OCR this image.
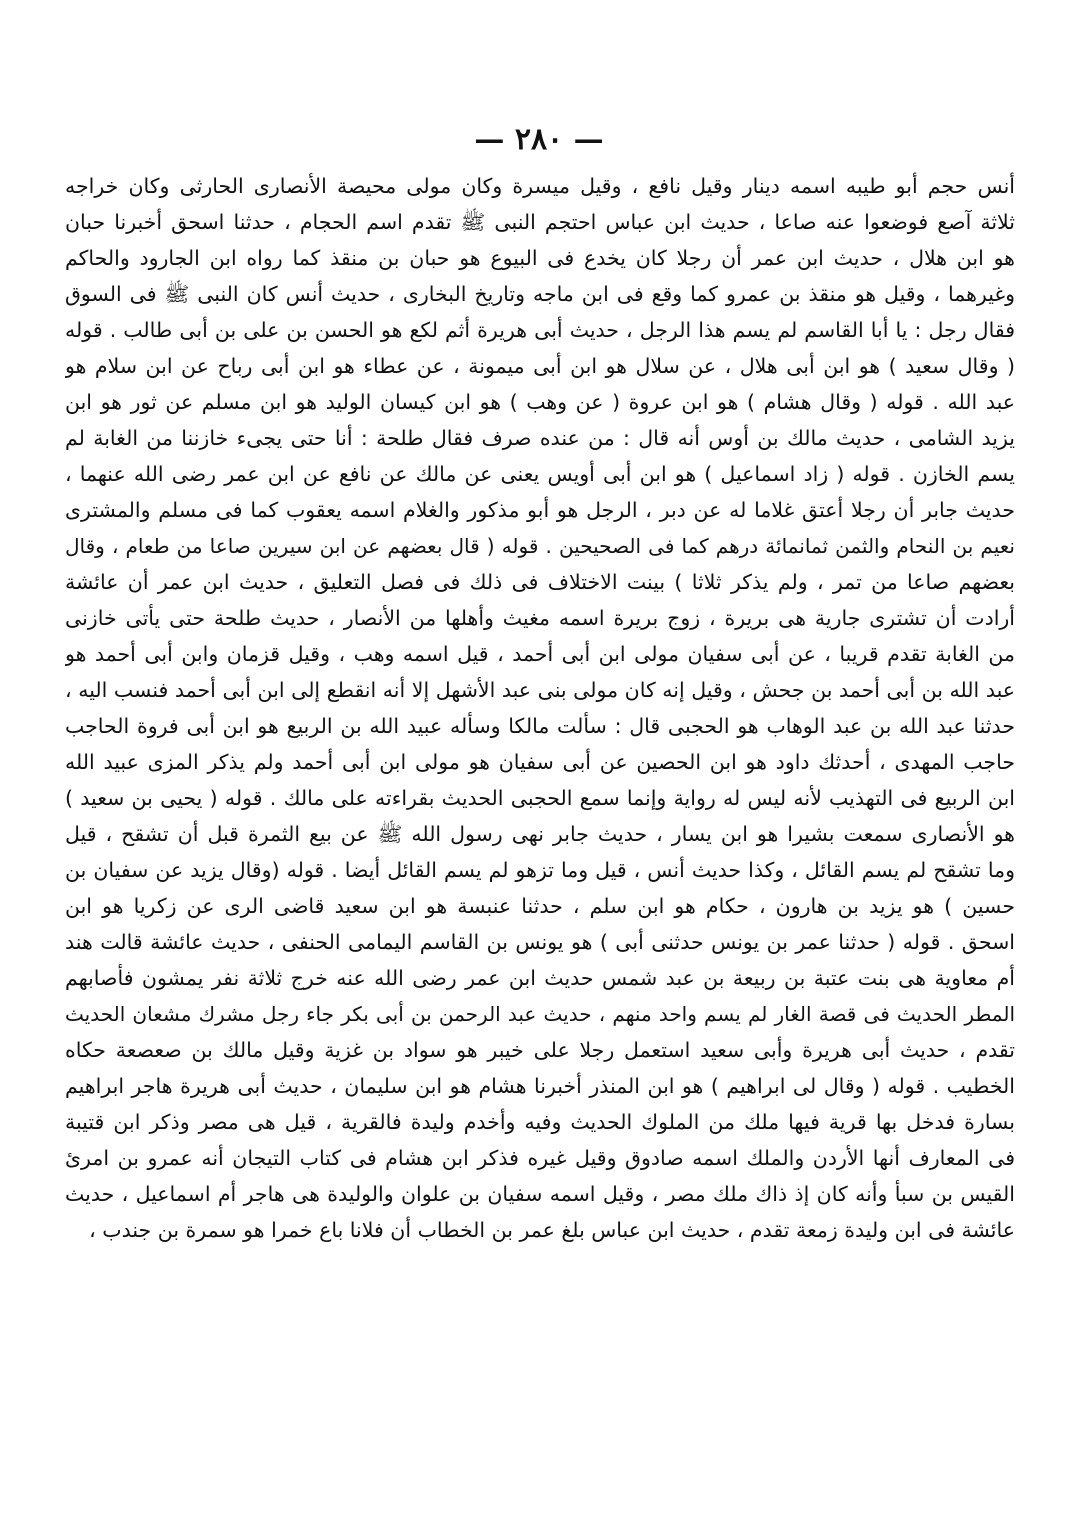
— ٢٨٠ —
أنس حجم أبو طيبه اسمه دينار وقيل نافع ، وقيل ميسرة وكان مولى محيصة الأنصارى الحارثى وكان خراجه
ثلاثة آصع فوضعوا عنه صاعا ، حديث ابن عباس احتجم النبى ﷺ تقدم اسم الحجام ، حدثنا اسحق أخبرنا حبان
هو ابن هلال ، حديث ابن عمر أن رجلا كان يخدع فى البيوع هو حبان بن منقذ كما رواه ابن الجارود والحاكم
وغيرهما ، وقيل هو منقذ بن عمرو كما وقع فى ابن ماجه وتاريخ البخارى ، حديث أنس كان النبى ﷺ فى السوق
فقال رجل : يا أبا القاسم لم يسم هذا الرجل ، حديث أبى هريرة أثم لكع هو الحسن بن على بن أبى طالب . قوله
( وقال سعيد ) هو ابن أبى هلال ، عن سلال هو ابن أبى ميمونة ، عن عطاء هو ابن أبى رباح عن ابن سلام هو
عبد الله . قوله ( وقال هشام ) هو ابن عروة ( عن وهب ) هو ابن كيسان الوليد هو ابن مسلم عن ثور هو ابن
يزيد الشامى ، حديث مالك بن أوس أنه قال : من عنده صرف فقال طلحة : أنا حتى يجىء خازننا من الغابة لم
يسم الخازن . قوله ( زاد اسماعيل ) هو ابن أبى أويس يعنى عن مالك عن نافع عن ابن عمر رضى الله عنهما ،
حديث جابر أن رجلا أعتق غلاما له عن دبر ، الرجل هو أبو مذكور والغلام اسمه يعقوب كما فى مسلم والمشترى
نعيم بن النحام والثمن ثمانمائة درهم كما فى الصحيحين . قوله ( قال بعضهم عن ابن سيرين صاعا من طعام ، وقال
بعضهم صاعا من تمر ، ولم يذكر ثلاثا ) بينت الاختلاف فى ذلك فى فصل التعليق ، حديث ابن عمر أن عائشة
أرادت أن تشترى جارية هى بريرة ، زوج بريرة اسمه مغيث وأهلها من الأنصار ، حديث طلحة حتى يأتى خازنى
من الغابة تقدم قريبا ، عن أبى سفيان مولى ابن أبى أحمد ، قيل اسمه وهب ، وقيل قزمان وابن أبى أحمد هو
عبد الله بن أبى أحمد بن جحش ، وقيل إنه كان مولى بنى عبد الأشهل إلا أنه انقطع إلى ابن أبى أحمد فنسب اليه ،
حدثنا عبد الله بن عبد الوهاب هو الحجبى قال : سألت مالكا وسأله عبيد الله بن الربيع هو ابن أبى فروة الحاجب
حاجب المهدى ، أحدثك داود هو ابن الحصين عن أبى سفيان هو مولى ابن أبى أحمد ولم يذكر المزى عبيد الله
ابن الربيع فى التهذيب لأنه ليس له رواية وإنما سمع الحجبى الحديث بقراءته على مالك . قوله ( يحيى بن سعيد )
هو الأنصارى سمعت بشيرا هو ابن يسار ، حديث جابر نهى رسول الله ﷺ عن بيع الثمرة قبل أن تشقح ، قيل
وما تشقح لم يسم القائل ، وكذا حديث أنس ، قيل وما تزهو لم يسم القائل أيضا . قوله (وقال يزيد عن سفيان بن
حسين ) هو يزيد بن هارون ، حكام هو ابن سلم ، حدثنا عنبسة هو ابن سعيد قاضى الرى عن زكريا هو ابن
اسحق . قوله ( حدثنا عمر بن يونس حدثنى أبى ) هو يونس بن القاسم اليمامى الحنفى ، حديث عائشة قالت هند
أم معاوية هى بنت عتبة بن ربيعة بن عبد شمس حديث ابن عمر رضى الله عنه خرج ثلاثة نفر يمشون فأصابهم
المطر الحديث فى قصة الغار لم يسم واحد منهم ، حديث عبد الرحمن بن أبى بكر جاء رجل مشرك مشعان الحديث
تقدم ، حديث أبى هريرة وأبى سعيد استعمل رجلا على خيبر هو سواد بن غزية وقيل مالك بن صعصعة حكاه
الخطيب . قوله ( وقال لى ابراهيم ) هو ابن المنذر أخبرنا هشام هو ابن سليمان ، حديث أبى هريرة هاجر ابراهيم
بسارة فدخل بها قرية فيها ملك من الملوك الحديث وفيه وأخدم وليدة فالقرية ، قيل هى مصر وذكر ابن قتيبة
فى المعارف أنها الأردن والملك اسمه صادوق وقيل غيره فذكر ابن هشام فى كتاب التيجان أنه عمرو بن امرئ
القيس بن سبأ وأنه كان إذ ذاك ملك مصر ، وقيل اسمه سفيان بن علوان والوليدة هى هاجر أم اسماعيل ، حديث
عائشة فى ابن وليدة زمعة تقدم ، حديث ابن عباس بلغ عمر بن الخطاب أن فلانا باع خمرا هو سمرة بن جندب ،
